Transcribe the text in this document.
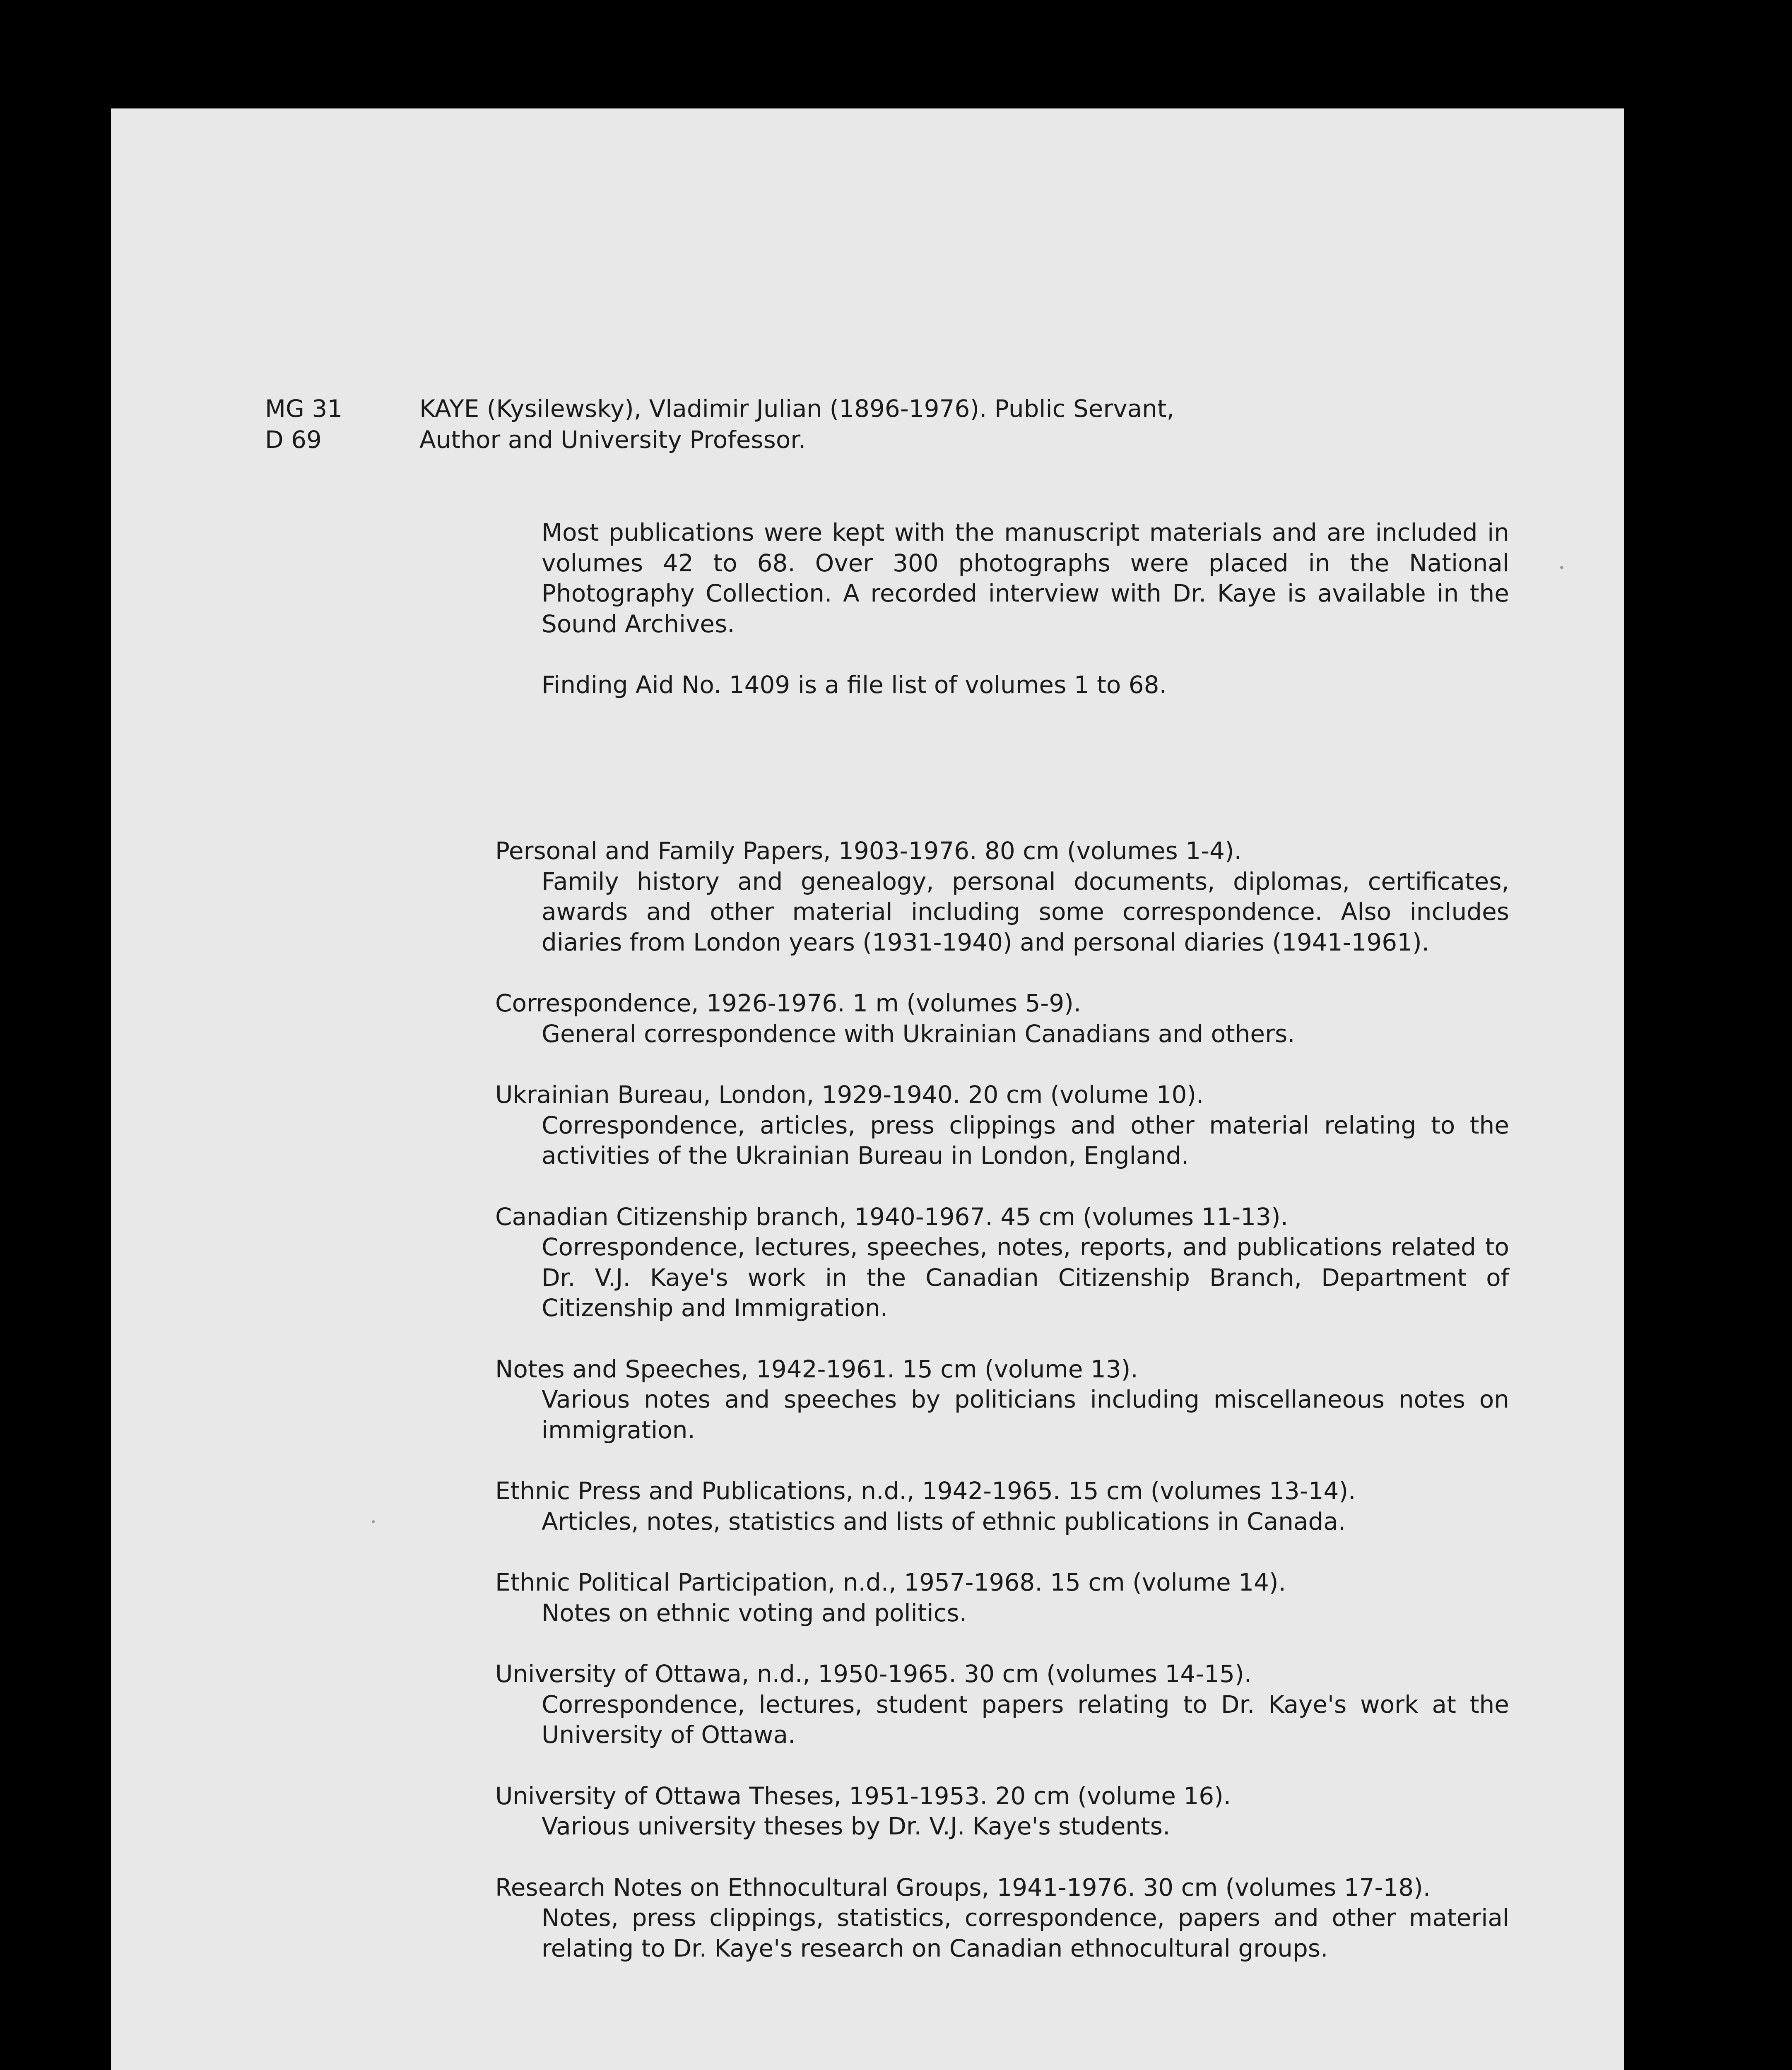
MG 31
D 69
KAYE (Kysilewsky), Vladimir Julian (1896-1976). Public Servant,
Author and University Professor.

Most publications were kept with the manuscript materials and are included in volumes 42 to 68. Over 300 photographs were placed in the National Photography Collection. A recorded interview with Dr. Kaye is available in the Sound Archives.

Finding Aid No. 1409 is a file list of volumes 1 to 68.

Personal and Family Papers, 1903-1976. 80 cm (volumes 1-4).
Family history and genealogy, personal documents, diplomas, certificates, awards and other material including some correspondence. Also includes diaries from London years (1931-1940) and personal diaries (1941-1961).
Correspondence, 1926-1976. 1 m (volumes 5-9).
General correspondence with Ukrainian Canadians and others.
Ukrainian Bureau, London, 1929-1940. 20 cm (volume 10).
Correspondence, articles, press clippings and other material relating to the activities of the Ukrainian Bureau in London, England.
Canadian Citizenship branch, 1940-1967. 45 cm (volumes 11-13).
Correspondence, lectures, speeches, notes, reports, and publications related to Dr. V.J. Kaye's work in the Canadian Citizenship Branch, Department of Citizenship and Immigration.
Notes and Speeches, 1942-1961. 15 cm (volume 13).
Various notes and speeches by politicians including miscellaneous notes on immigration.
Ethnic Press and Publications, n.d., 1942-1965. 15 cm (volumes 13-14).
Articles, notes, statistics and lists of ethnic publications in Canada.
Ethnic Political Participation, n.d., 1957-1968. 15 cm (volume 14).
Notes on ethnic voting and politics.
University of Ottawa, n.d., 1950-1965. 30 cm (volumes 14-15).
Correspondence, lectures, student papers relating to Dr. Kaye's work at the University of Ottawa.
University of Ottawa Theses, 1951-1953. 20 cm (volume 16).
Various university theses by Dr. V.J. Kaye's students.
Research Notes on Ethnocultural Groups, 1941-1976. 30 cm (volumes 17-18).
Notes, press clippings, statistics, correspondence, papers and other material relating to Dr. Kaye's research on Canadian ethnocultural groups.
